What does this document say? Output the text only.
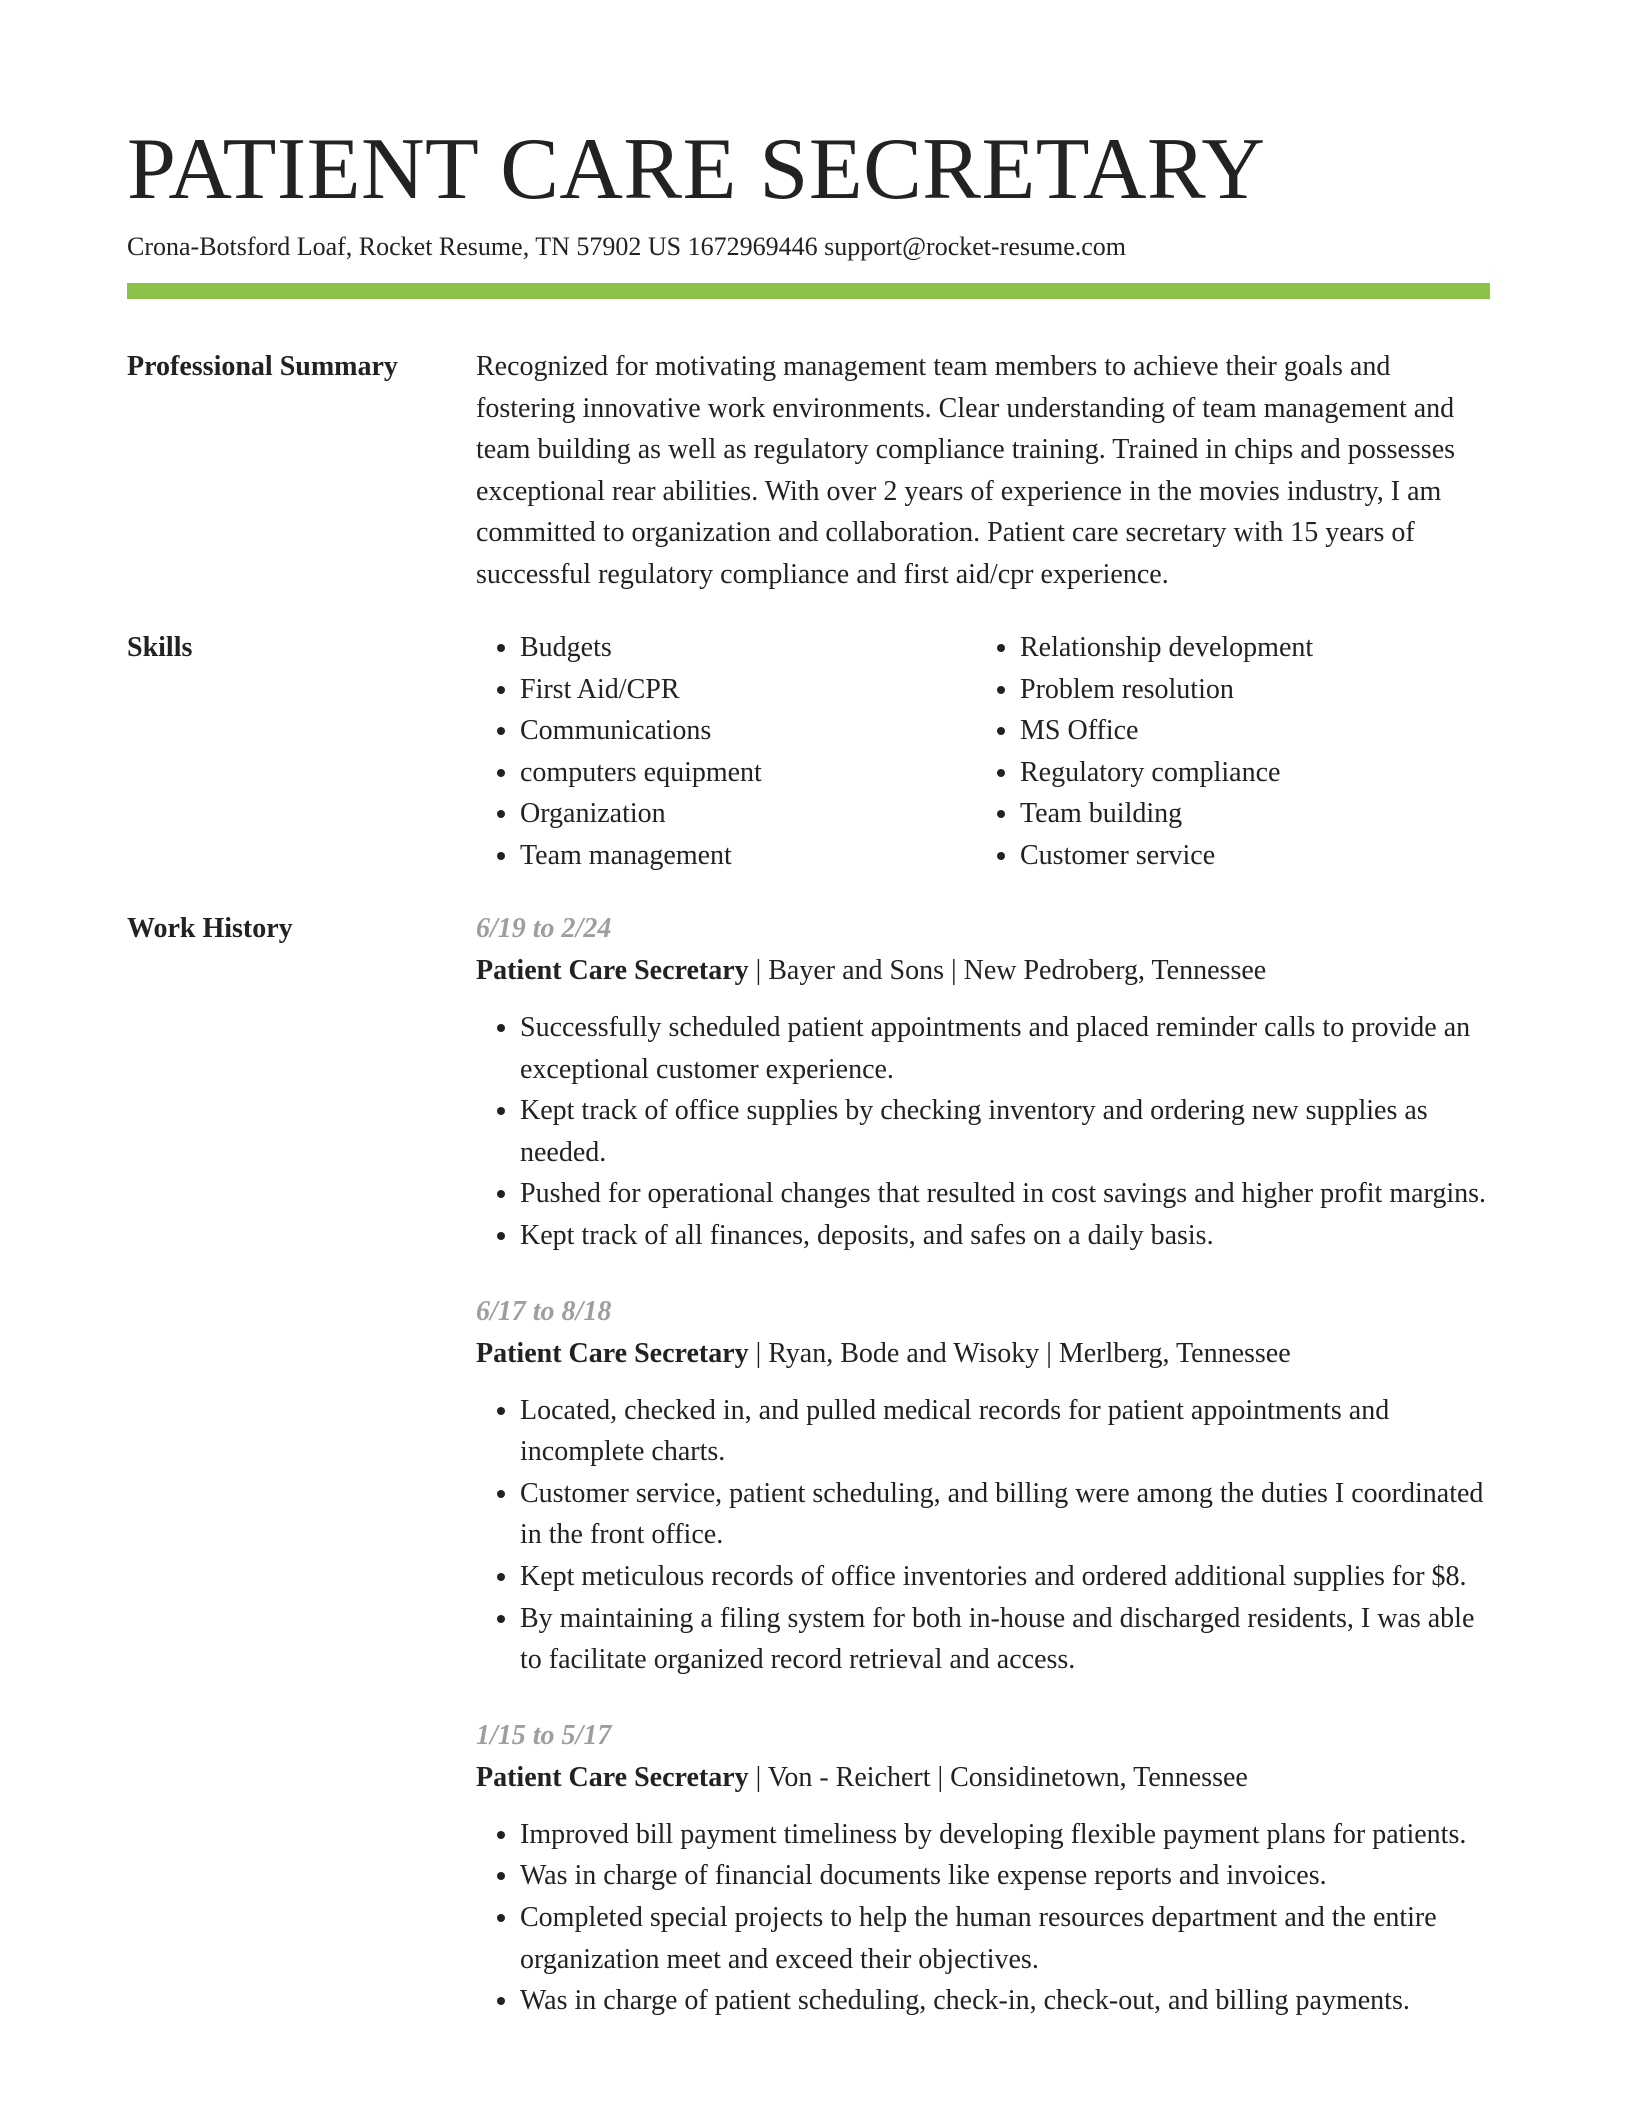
PATIENT CARE SECRETARY
Crona-Botsford Loaf, Rocket Resume, TN 57902 US 1672969446 support@rocket-resume.com
Professional Summary	Recognized for motivating management team members to achieve their goals and fostering innovative work environments. Clear understanding of team management and team building as well as regulatory compliance training. Trained in chips and possesses exceptional rear abilities. With over 2 years of experience in the movies industry, I am committed to organization and collaboration. Patient care secretary with 15 years of successful regulatory compliance and first aid/cpr experience.

Skills
•	Budgets
• First Aid/CPR
• Communications
• computers equipment
• Organization
• Team management
• Relationship development
• Problem resolution
• MS Office
• Regulatory compliance
• Team building
• Customer service
Work History	6/19 to 2/24
Patient Care Secretary | Bayer and Sons | New Pedroberg, Tennessee
• Successfully scheduled patient appointments and placed reminder calls to provide an exceptional customer experience.
• Kept track of office supplies by checking inventory and ordering new supplies as needed.
• Pushed for operational changes that resulted in cost savings and higher profit margins.
• Kept track of all finances, deposits, and safes on a daily basis.
6/17 to 8/18
Patient Care Secretary | Ryan, Bode and Wisoky | Merlberg, Tennessee
• Located, checked in, and pulled medical records for patient appointments and incomplete charts.
• Customer service, patient scheduling, and billing were among the duties I coordinated in the front office.
• Kept meticulous records of office inventories and ordered additional supplies for $8.
• By maintaining a filing system for both in-house and discharged residents, I was able to facilitate organized record retrieval and access.
1/15 to 5/17
Patient Care Secretary | Von - Reichert | Considinetown, Tennessee
• Improved bill payment timeliness by developing flexible payment plans for patients.
• Was in charge of financial documents like expense reports and invoices.
• Completed special projects to help the human resources department and the entire organization meet and exceed their objectives.
• Was in charge of patient scheduling, check-in, check-out, and billing payments.
